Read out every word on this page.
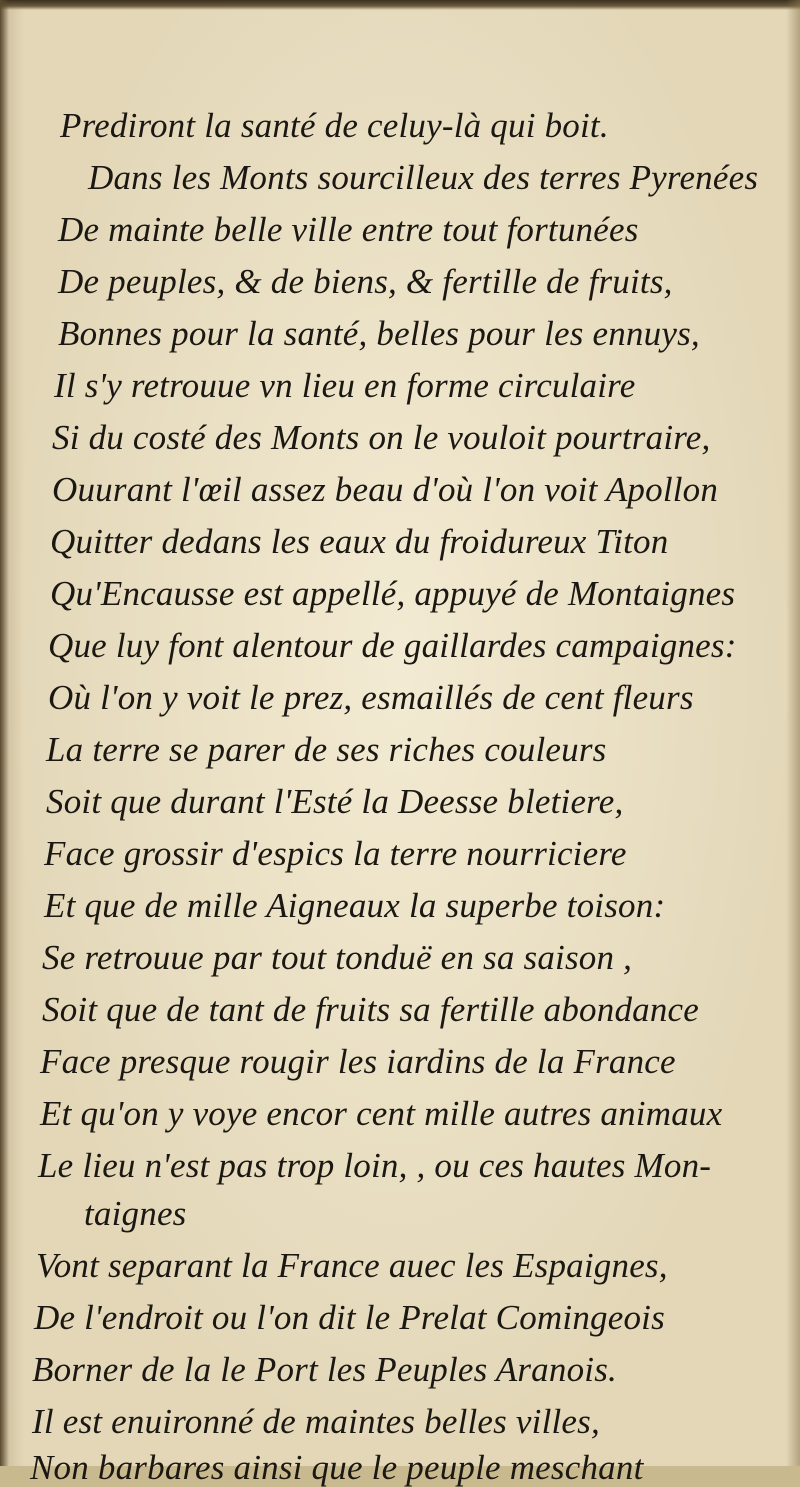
Prediront la santé de celuy-là qui boit.
Dans les Monts sourcilleux des terres Pyrenées
De mainte belle ville entre tout fortunées
De peuples, & de biens, & fertille de fruits,
Bonnes pour la santé, belles pour les ennuys,
Il s'y retrouue vn lieu en forme circulaire
Si du costé des Monts on le vouloit pourtraire,
Ouurant l'œil assez beau d'où l'on voit Apollon
Quitter dedans les eaux du froidureux Titon
Qu'Encausse est appellé, appuyé de Montaignes
Que luy font alentour de gaillardes campaignes:
Où l'on y voit le prez, esmaillés de cent fleurs
La terre se parer de ses riches couleurs
Soit que durant l'Esté la Deesse bletiere,
Face grossir d'espics la terre nourriciere
Et que de mille Aigneaux la superbe toison:
Se retrouue par tout tonduë en sa saison ,
Soit que de tant de fruits sa fertille abondance
Face presque rougir les iardins de la France
Et qu'on y voye encor cent mille autres animaux
Le lieu n'est pas trop loin, , ou ces hautes Mon-
taignes
Vont separant la France auec les Espaignes,
De l'endroit ou l'on dit le Prelat Comingeois
Borner de la le Port les Peuples Aranois.
Il est enuironné de maintes belles villes,
Non barbares ainsi que le peuple meschant
